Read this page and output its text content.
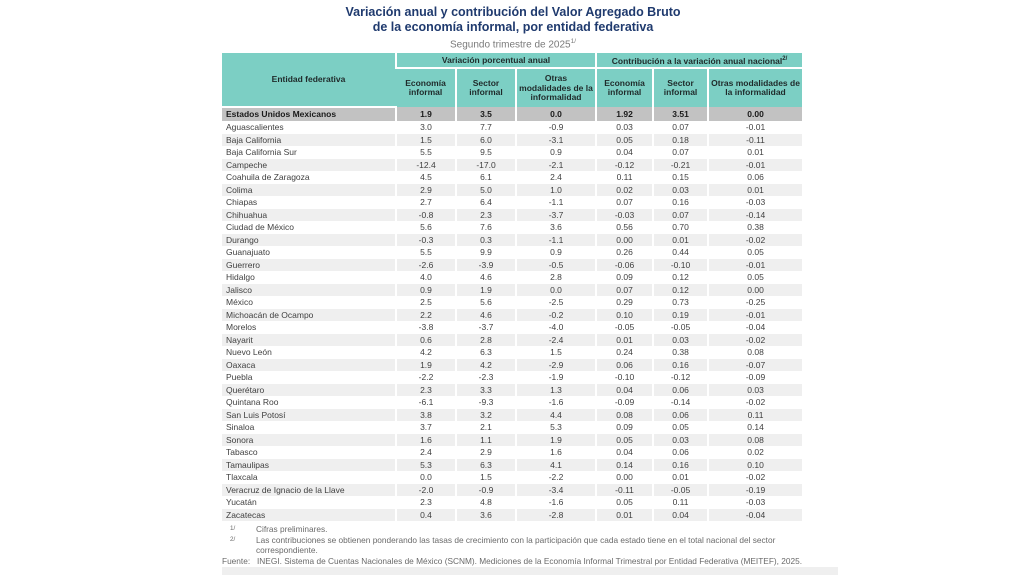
Variación anual y contribución del Valor Agregado Bruto
de la economía informal, por entidad federativa
Segundo trimestre de $2025^{1/}$
Entidad federativa	Variación porcentual anual			Contribución a la variación anual nacional$^{2/}$
	Economía informal	Sector informal	Otras modalidades de la informalidad	Economía informal	Sector informal	Otras modalidades de la informalidad
Estados Unidos Mexicanos	1.9	3.5	0.0	1.92	3.51	0.00
Aguascalientes	3.0	7.7	-0.9	0.03	0.07	-0.01
Baja California	1.5	6.0	-3.1	0.05	0.18	-0.11
Baja California Sur	5.5	9.5	0.9	0.04	0.07	0.01
Campeche	-12.4	-17.0	-2.1	-0.12	-0.21	-0.01
Coahuila de Zaragoza	4.5	6.1	2.4	0.11	0.15	0.06
Colima	2.9	5.0	1.0	0.02	0.03	0.01
Chiapas	2.7	6.4	-1.1	0.07	0.16	-0.03
Chihuahua	-0.8	2.3	-3.7	-0.03	0.07	-0.14
Ciudad de México	5.6	7.6	3.6	0.56	0.70	0.38
Durango	-0.3	0.3	-1.1	0.00	0.01	-0.02
Guanajuato	5.5	9.9	0.9	0.26	0.44	0.05
Guerrero	-2.6	-3.9	-0.5	-0.06	-0.10	-0.01
Hidalgo	4.0	4.6	2.8	0.09	0.12	0.05
Jalisco	0.9	1.9	0.0	0.07	0.12	0.00
México	2.5	5.6	-2.5	0.29	0.73	-0.25
Michoacán de Ocampo	2.2	4.6	-0.2	0.10	0.19	-0.01
Morelos	-3.8	-3.7	-4.0	-0.05	-0.05	-0.04
Nayarit	0.6	2.8	-2.4	0.01	0.03	-0.02
Nuevo León	4.2	6.3	1.5	0.24	0.38	0.08
Oaxaca	1.9	4.2	-2.9	0.06	0.16	-0.07
Puebla	-2.2	-2.3	-1.9	-0.10	-0.12	-0.09
Querétaro	2.3	3.3	1.3	0.04	0.06	0.03
Quintana Roo	-6.1	-9.3	-1.6	-0.09	-0.14	-0.02
San Luis Potosí	3.8	3.2	4.4	0.08	0.06	0.11
Sinaloa	3.7	2.1	5.3	0.09	0.05	0.14
Sonora	1.6	1.1	1.9	0.05	0.03	0.08
Tabasco	2.4	2.9	1.6	0.04	0.06	0.02
Tamaulipas	5.3	6.3	4.1	0.14	0.16	0.10
Tlaxcala	0.0	1.5	-2.2	0.00	0.01	-0.02
Veracruz de Ignacio de la Llave	-2.0	-0.9	-3.4	-0.11	-0.05	-0.19
Yucatán	2.3	4.8	-1.6	0.05	0.11	-0.03
Zacatecas	0.4	3.6	-2.8	0.01	0.04	-0.04
1/	Cifras preliminares.
2/	Las contribuciones se obtienen ponderando las tasas de crecimiento con la participación que cada estado tiene en el total nacional del sector correspondiente.
Fuente: INEGI. Sistema de Cuentas Nacionales de México (SCNM). Mediciones de la Economía Informal Trimestral por Entidad Federativa (MEITEF), 2025.
